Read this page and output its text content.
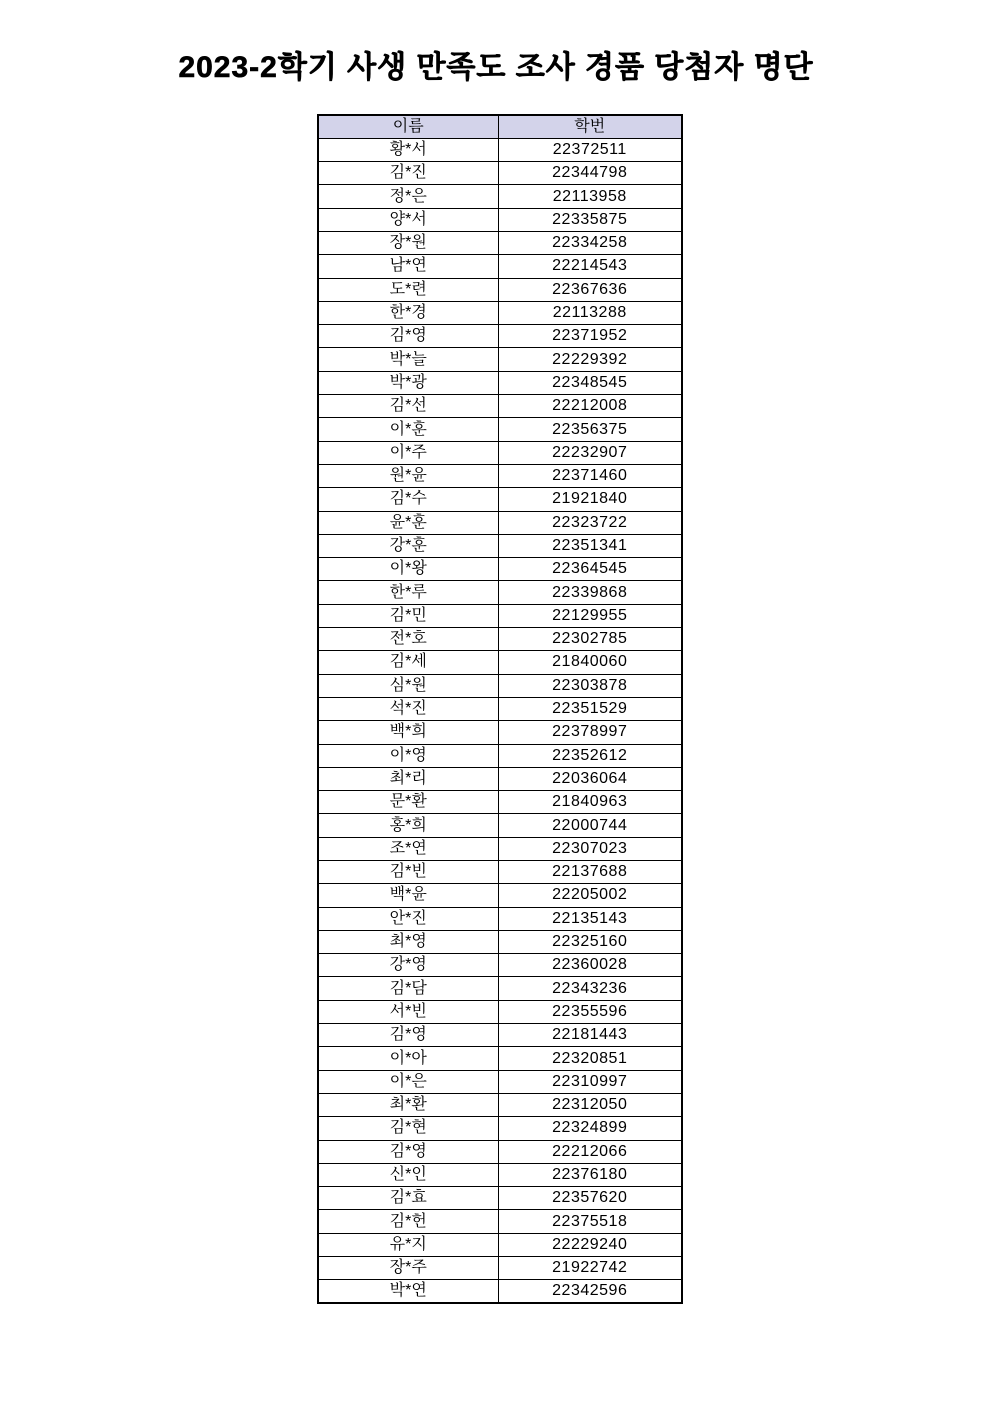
2023-2학기 사생 만족도 조사 경품 당첨자 명단
이름	학번
황*서	22372511
김*진	22344798
정*은	22113958
양*서	22335875
장*원	22334258
남*연	22214543
도*련	22367636
한*경	22113288
김*영	22371952
박*늘	22229392
박*광	22348545
김*선	22212008
이*훈	22356375
이*주	22232907
원*윤	22371460
김*수	21921840
윤*훈	22323722
강*훈	22351341
이*왕	22364545
한*루	22339868
김*민	22129955
전*호	22302785
김*세	21840060
심*원	22303878
석*진	22351529
백*희	22378997
이*영	22352612
최*리	22036064
문*환	21840963
홍*희	22000744
조*연	22307023
김*빈	22137688
백*윤	22205002
안*진	22135143
최*영	22325160
강*영	22360028
김*담	22343236
서*빈	22355596
김*영	22181443
이*아	22320851
이*은	22310997
최*환	22312050
김*현	22324899
김*영	22212066
신*인	22376180
김*효	22357620
김*헌	22375518
유*지	22229240
장*주	21922742
박*연	22342596
